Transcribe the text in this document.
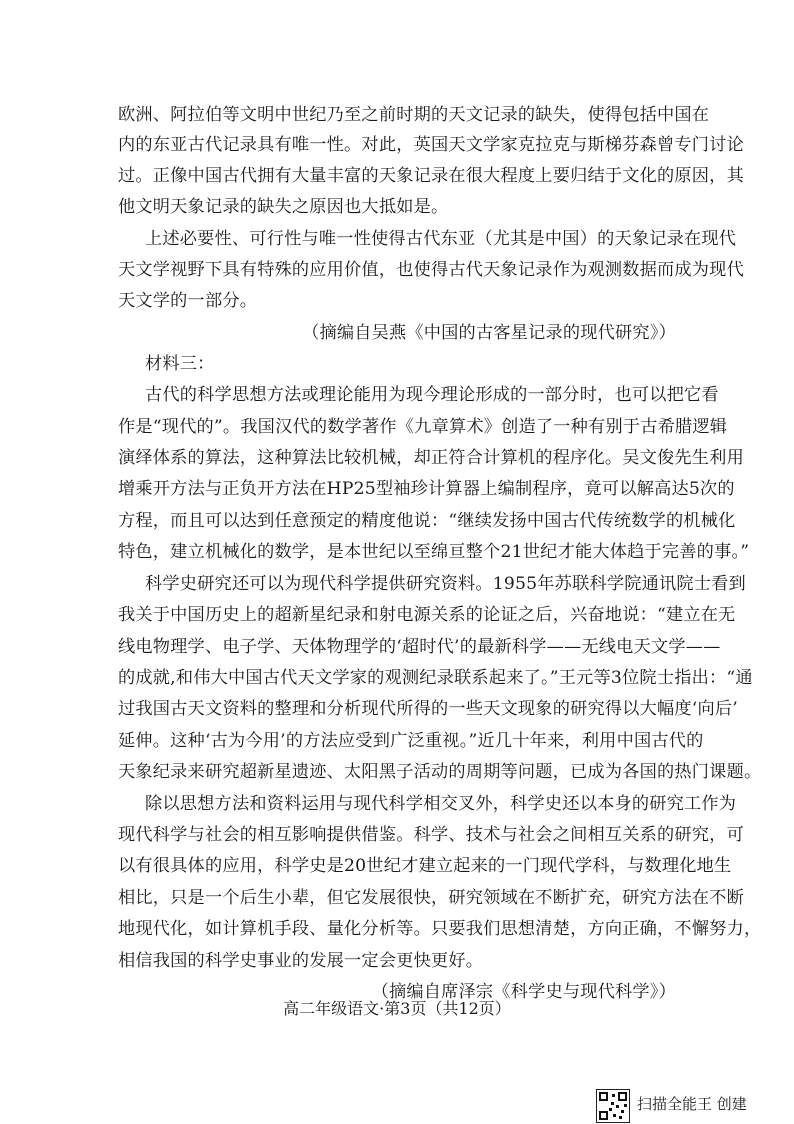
欧洲、阿拉伯等文明中世纪乃至之前时期的天文记录的缺失，使得包括中国在
内的东亚古代记录具有唯一性。对此，英国天文学家克拉克与斯梯芬森曾专门讨论
过。正像中国古代拥有大量丰富的天象记录在很大程度上要归结于文化的原因，其
他文明天象记录的缺失之原因也大抵如是。
上述必要性、可行性与唯一性使得古代东亚（尤其是中国）的天象记录在现代
天文学视野下具有特殊的应用价值，也使得古代天象记录作为观测数据而成为现代
天文学的一部分。
（摘编自吴燕《中国的古客星记录的现代研究》）
材料三：
古代的科学思想方法或理论能用为现今理论形成的一部分时，也可以把它看
作是“现代的”。我国汉代的数学著作《九章算术》创造了一种有别于古希腊逻辑
演绎体系的算法，这种算法比较机械，却正符合计算机的程序化。吴文俊先生利用
增乘开方法与正负开方法在HP25型袖珍计算器上编制程序，竟可以解高达5次的
方程，而且可以达到任意预定的精度他说：“继续发扬中国古代传统数学的机械化
特色，建立机械化的数学，是本世纪以至绵亘整个21世纪才能大体趋于完善的事。”
科学史研究还可以为现代科学提供研究资料。1955年苏联科学院通讯院士看到
我关于中国历史上的超新星纪录和射电源关系的论证之后，兴奋地说：“建立在无
线电物理学、电子学、天体物理学的‘超时代’的最新科学——无线电天文学——
的成就,和伟大中国古代天文学家的观测纪录联系起来了。”王元等3位院士指出：“通
过我国古天文资料的整理和分析现代所得的一些天文现象的研究得以大幅度‘向后’
延伸。这种‘古为今用’的方法应受到广泛重视。”近几十年来，利用中国古代的
天象纪录来研究超新星遗迹、太阳黑子活动的周期等问题，已成为各国的热门课题。
除以思想方法和资料运用与现代科学相交叉外，科学史还以本身的研究工作为
现代科学与社会的相互影响提供借鉴。科学、技术与社会之间相互关系的研究，可
以有很具体的应用，科学史是20世纪才建立起来的一门现代学科，与数理化地生
相比，只是一个后生小辈，但它发展很快，研究领域在不断扩充，研究方法在不断
地现代化，如计算机手段、量化分析等。只要我们思想清楚，方向正确，不懈努力，
相信我国的科学史事业的发展一定会更快更好。
（摘编自席泽宗《科学史与现代科学》）
高二年级语文·第3页（共12页）
扫描全能王 创建
